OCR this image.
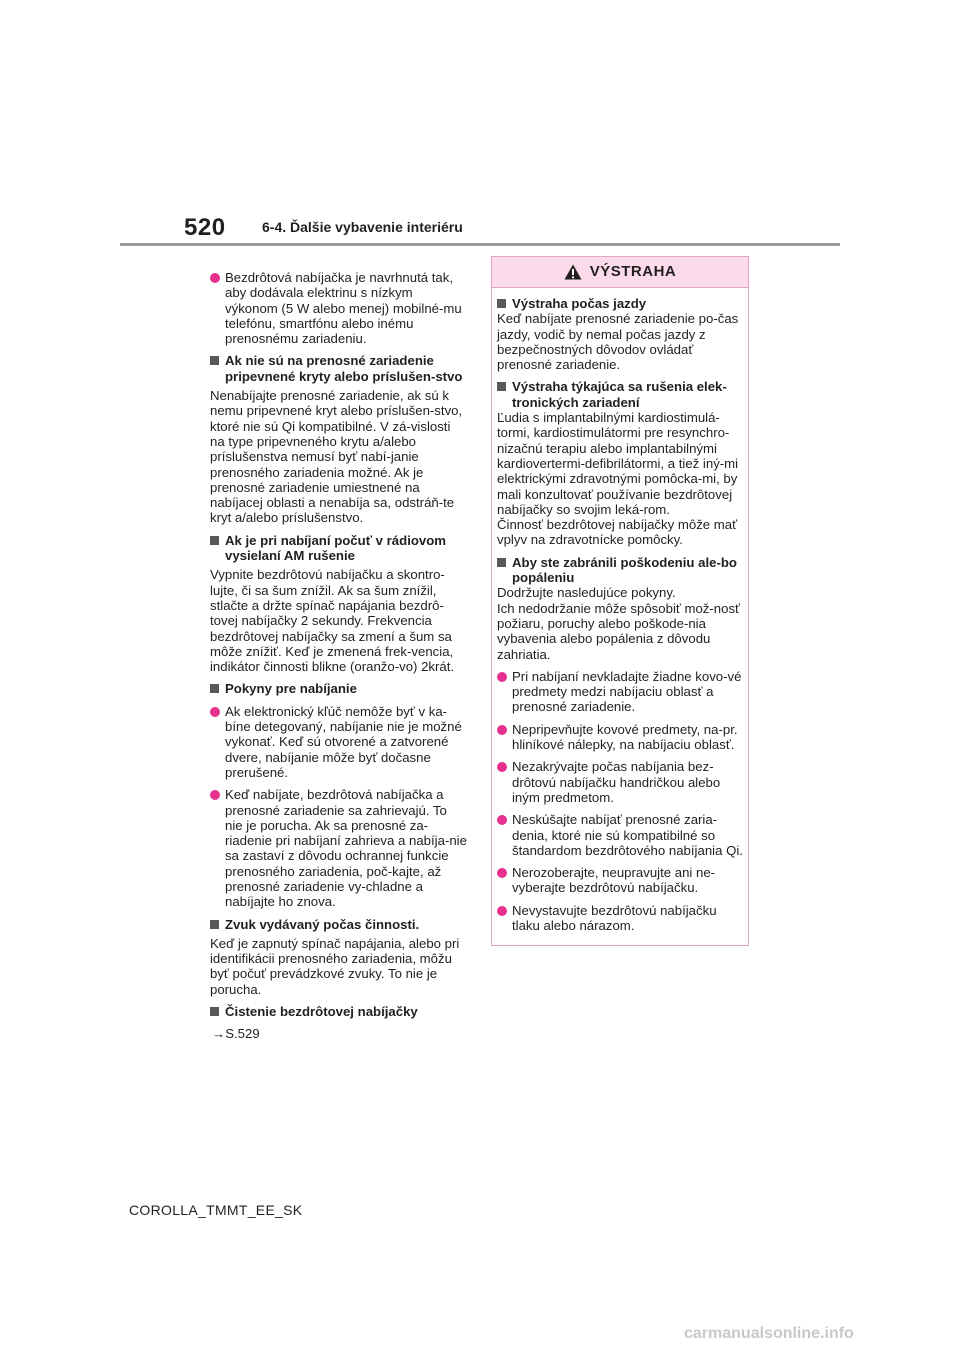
520	6-4. Ďalšie vybavenie interiéru
Bezdrôtová nabíjačka je navrhnutá tak, aby dodávala elektrinu s nízkym výkonom (5 W alebo menej) mobilné-mu telefónu, smartfónu alebo inému prenosnému zariadeniu.
Ak nie sú na prenosné zariadenie pripevnené kryty alebo príslušen-stvo
Nenabíjajte prenosné zariadenie, ak sú k nemu pripevnené kryt alebo príslušen-stvo, ktoré nie sú Qi kompatibilné. V zá-vislosti na type pripevneného krytu a/alebo príslušenstva nemusí byť nabí-janie prenosného zariadenia možné. Ak je prenosné zariadenie umiestnené na nabíjacej oblasti a nenabíja sa, odstráň-te kryt a/alebo príslušenstvo.
Ak je pri nabíjaní počuť v rádiovom vysielaní AM rušenie
Vypnite bezdrôtovú nabíjačku a skontro-lujte, či sa šum znížil. Ak sa šum znížil, stlačte a držte spínač napájania bezdrô-tovej nabíjačky 2 sekundy. Frekvencia bezdrôtovej nabíjačky sa zmení a šum sa môže znížiť. Keď je zmenená frek-vencia, indikátor činnosti blikne (oranžo-vo) 2krát.
Pokyny pre nabíjanie
Ak elektronický kľúč nemôže byť v ka-bíne detegovaný, nabíjanie nie je možné vykonať. Keď sú otvorené a zatvorené dvere, nabíjanie môže byť dočasne prerušené.
Keď nabíjate, bezdrôtová nabíjačka a prenosné zariadenie sa zahrievajú. To nie je porucha. Ak sa prenosné za-riadenie pri nabíjaní zahrieva a nabíja-nie sa zastaví z dôvodu ochrannej funkcie prenosného zariadenia, poč-kajte, až prenosné zariadenie vy-chladne a nabíjajte ho znova.
Zvuk vydávaný počas činnosti.
Keď je zapnutý spínač napájania, alebo pri identifikácii prenosného zariadenia, môžu byť počuť prevádzkové zvuky. To nie je porucha.
Čistenie bezdrôtovej nabíjačky
→S.529
VÝSTRAHA
Výstraha počas jazdy
Keď nabíjate prenosné zariadenie po-čas jazdy, vodič by nemal počas jazdy z bezpečnostných dôvodov ovládať prenosné zariadenie.
Výstraha týkajúca sa rušenia elek-tronických zariadení
Ľudia s implantabilnými kardiostimulá-tormi, kardiostimulátormi pre resynchro-nizačnú terapiu alebo implantabilnými kardiovertermi-defibrilátormi, a tiež iný-mi elektrickými zdravotnými pomôcka-mi, by mali konzultovať používanie bezdrôtovej nabíjačky so svojim leká-rom.
Činnosť bezdrôtovej nabíjačky môže mať vplyv na zdravotnícke pomôcky.
Aby ste zabránili poškodeniu ale-bo popáleniu
Dodržujte nasledujúce pokyny.
Ich nedodržanie môže spôsobiť mož-nosť požiaru, poruchy alebo poškode-nia vybavenia alebo popálenia z dôvodu zahriatia.
Pri nabíjaní nevkladajte žiadne kovo-vé predmety medzi nabíjaciu oblasť a prenosné zariadenie.
Nepripevňujte kovové predmety, na-pr. hliníkové nálepky, na nabíjaciu oblasť.
Nezakrývajte počas nabíjania bez-drôtovú nabíjačku handričkou alebo iným predmetom.
Neskúšajte nabíjať prenosné zaria-denia, ktoré nie sú kompatibilné so štandardom bezdrôtového nabíjania Qi.
Nerozoberajte, neupravujte ani ne-vyberajte bezdrôtovú nabíjačku.
Nevystavujte bezdrôtovú nabíjačku tlaku alebo nárazom.
COROLLA_TMMT_EE_SK
carmanualsonline.info
